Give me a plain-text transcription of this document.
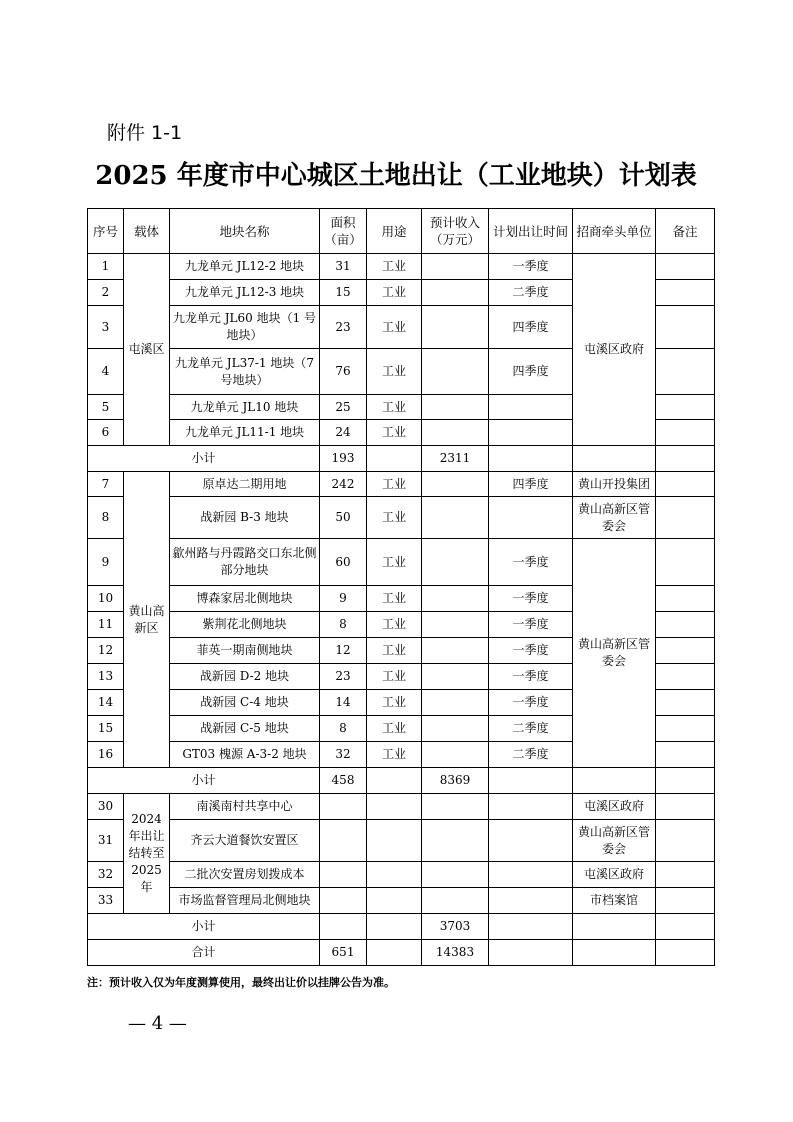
附件 1-1
2025 年度市中心城区土地出让（工业地块）计划表
序号	载体	地块名称	面积（亩）	用途	预计收入（万元）	计划出让时间	招商牵头单位	备注
1	屯溪区	九龙单元 JL12-2 地块	31	工业		一季度	屯溪区政府	
2		九龙单元 JL12-3 地块	15	工业		二季度		
3		九龙单元 JL60 地块（1 号地块）	23	工业		四季度		
4		九龙单元 JL37-1 地块（7 号地块）	76	工业		四季度		
5		九龙单元 JL10 地块	25	工业				
6		九龙单元 JL11-1 地块	24	工业				
小计			193		2311			
7	黄山高新区	原卓达二期用地	242	工业		四季度	黄山开投集团	
8		战新园 B-3 地块	50	工业			黄山高新区管委会	
9		歙州路与丹霞路交口东北侧部分地块	60	工业		一季度	黄山高新区管委会	
10		博森家居北侧地块	9	工业		一季度		
11		紫荆花北侧地块	8	工业		一季度		
12		菲英一期南侧地块	12	工业		一季度		
13		战新园 D-2 地块	23	工业		一季度		
14		战新园 C-4 地块	14	工业		一季度		
15		战新园 C-5 地块	8	工业		二季度		
16		GT03 槐源 A-3-2 地块	32	工业		二季度		
小计			458		8369			
30	2024 年出让结转至 2025 年	南溪南村共享中心					屯溪区政府	
31		齐云大道餐饮安置区					黄山高新区管委会	
32		二批次安置房划拨成本					屯溪区政府	
33		市场监督管理局北侧地块					市档案馆	
小计					3703			
合计			651		14383			
注：预计收入仅为年度测算使用，最终出让价以挂牌公告为准。
— 4 —
